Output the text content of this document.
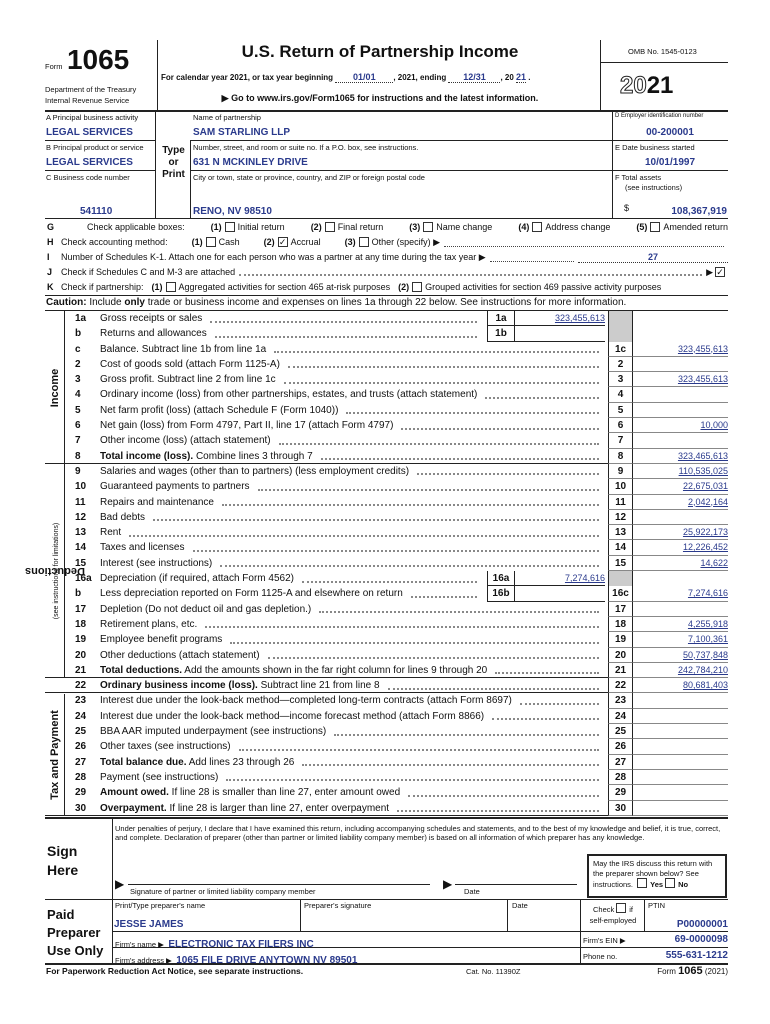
Form 1065
Department of the Treasury
Internal Revenue Service
U.S. Return of Partnership Income
For calendar year 2021, or tax year beginning 01/01 , 2021, ending 12/31 , 20 21 .
▶ Go to www.irs.gov/Form1065 for instructions and the latest information.
OMB No. 1545-0123
2021
A Principal business activity
LEGAL SERVICES
B Principal product or service
LEGAL SERVICES
C Business code number
541110
Type
or
Print
Name of partnership
SAM STARLING LLP
Number, street, and room or suite no. If a P.O. box, see instructions.
631 N MCKINLEY DRIVE
City or town, state or province, country, and ZIP or foreign postal code
RENO, NV 98510
D Employer identification number
00-200001
E Date business started
10/01/1997
F Total assets
(see instructions)
$	108,367,919
G	Check applicable boxes:	(1) Initial return	(2) Final return	(3) Name change	(4) Address change	(5) Amended return
H Check accounting method:	(1) Cash	(2) ✓ Accrual	(3) Other (specify) ▶
I	Number of Schedules K-1. Attach one for each person who was a partner at any time during the tax year ▶	27
J Check if Schedules C and M-3 are attached	▶ ✓
K Check if partnership: (1) Aggregated activities for section 465 at-risk purposes (2) Grouped activities for section 469 passive activity purposes
Caution: Include only trade or business income and expenses on lines 1a through 22 below. See instructions for more information.
Income
Deductions
(see instructions for limitations)
Tax and Payment
1a	Gross receipts or sales	1a	323,455,613
b	Returns and allowances	1b
c	Balance. Subtract line 1b from line 1a	1c	323,455,613
2	Cost of goods sold (attach Form 1125-A)	2
3	Gross profit. Subtract line 2 from line 1c	3	323,455,613
4	Ordinary income (loss) from other partnerships, estates, and trusts (attach statement)	4
5	Net farm profit (loss) (attach Schedule F (Form 1040))	5
6	Net gain (loss) from Form 4797, Part II, line 17 (attach Form 4797)	6	10,000
7	Other income (loss) (attach statement)	7
8	Total income (loss). Combine lines 3 through 7	8	323,465,613
9	Salaries and wages (other than to partners) (less employment credits)	9	110,535,025
10	Guaranteed payments to partners	10	22,675,031
11	Repairs and maintenance	11	2,042,164
12	Bad debts	12
13	Rent	13	25,922,173
14	Taxes and licenses	14	12,226,452
15	Interest (see instructions)	15	14,622
16a Depreciation (if required, attach Form 4562)	16a	7,274,616
b	Less depreciation reported on Form 1125-A and elsewhere on return	16b	16c	7,274,616
17	Depletion (Do not deduct oil and gas depletion.)	17
18	Retirement plans, etc.	18	4,255,918
19	Employee benefit programs	19	7,100,361
20	Other deductions (attach statement)	20	50,737,848
21	Total deductions. Add the amounts shown in the far right column for lines 9 through 20	21	242,784,210
22	Ordinary business income (loss). Subtract line 21 from line 8	22	80,681,403
23	Interest due under the look-back method—completed long-term contracts (attach Form 8697)	23
24	Interest due under the look-back method—income forecast method (attach Form 8866)	24
25	BBA AAR imputed underpayment (see instructions)	25
26	Other taxes (see instructions)	26
27	Total balance due. Add lines 23 through 26	27
28	Payment (see instructions)	28
29	Amount owed. If line 28 is smaller than line 27, enter amount owed	29
30	Overpayment. If line 28 is larger than line 27, enter overpayment	30
Sign
Here
Under penalties of perjury, I declare that I have examined this return, including accompanying schedules and statements, and to the best of my knowledge and belief, it is true, correct, and complete. Declaration of preparer (other than partner or limited liability company member) is based on all information of which preparer has any knowledge.
▶
Signature of partner or limited liability company member
▶
Date
May the IRS discuss this return with the preparer shown below? See instructions. Yes No
Paid
Preparer
Use Only
Print/Type preparer's name
JESSE JAMES
Preparer's signature	Date	Check if
self-employed
PTIN
P00000001
Firm's name ▶ ELECTRONIC TAX FILERS INC	Firm's EIN ▶	69-0000098
Firm's address ▶ 1065 FILE DRIVE ANYTOWN NV 89501	Phone no.	555-631-1212
For Paperwork Reduction Act Notice, see separate instructions.	Cat. No. 11390Z	Form 1065 (2021)
